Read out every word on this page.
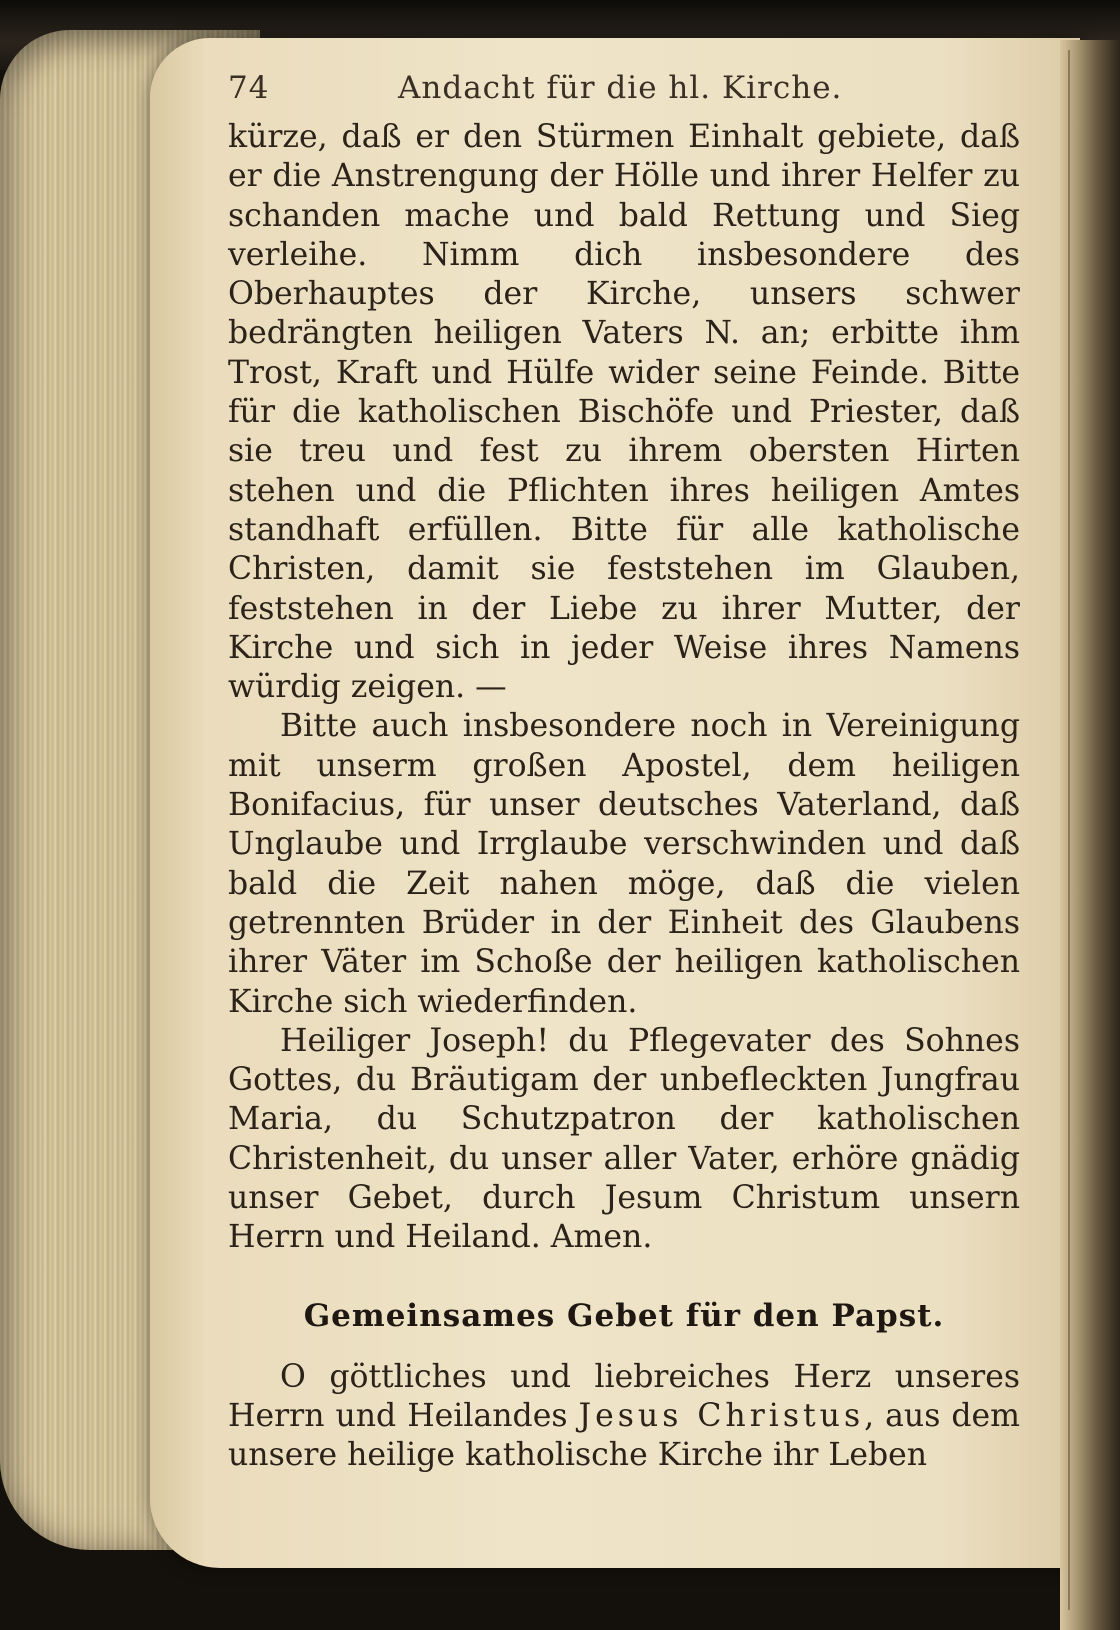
74	Andacht für die hl. Kirche.

kürze, daß er den Stürmen Einhalt gebiete, daß er die Anstrengung der Hölle und ihrer Helfer zu schanden mache und bald Rettung und Sieg verleihe. Nimm dich insbesondere des Oberhauptes der Kirche, unsers schwer bedrängten heiligen Vaters N. an; erbitte ihm Trost, Kraft und Hülfe wider seine Feinde. Bitte für die katholischen Bischöfe und Priester, daß sie treu und fest zu ihrem obersten Hirten stehen und die Pflichten ihres heiligen Amtes standhaft erfüllen. Bitte für alle katholische Christen, damit sie feststehen im Glauben, feststehen in der Liebe zu ihrer Mutter, der Kirche und sich in jeder Weise ihres Namens würdig zeigen. —

Bitte auch insbesondere noch in Vereinigung mit unserm großen Apostel, dem heiligen Bonifacius, für unser deutsches Vaterland, daß Unglaube und Irrglaube verschwinden und daß bald die Zeit nahen möge, daß die vielen getrennten Brüder in der Einheit des Glaubens ihrer Väter im Schoße der heiligen katholischen Kirche sich wiederfinden.

Heiliger Joseph! du Pflegevater des Sohnes Gottes, du Bräutigam der unbefleckten Jungfrau Maria, du Schutzpatron der katholischen Christenheit, du unser aller Vater, erhöre gnädig unser Gebet, durch Jesum Christum unsern Herrn und Heiland. Amen.

Gemeinsames Gebet für den Papst.

O göttliches und liebreiches Herz unseres Herrn und Heilandes Jesus Christus, aus dem unsere heilige katholische Kirche ihr Leben
